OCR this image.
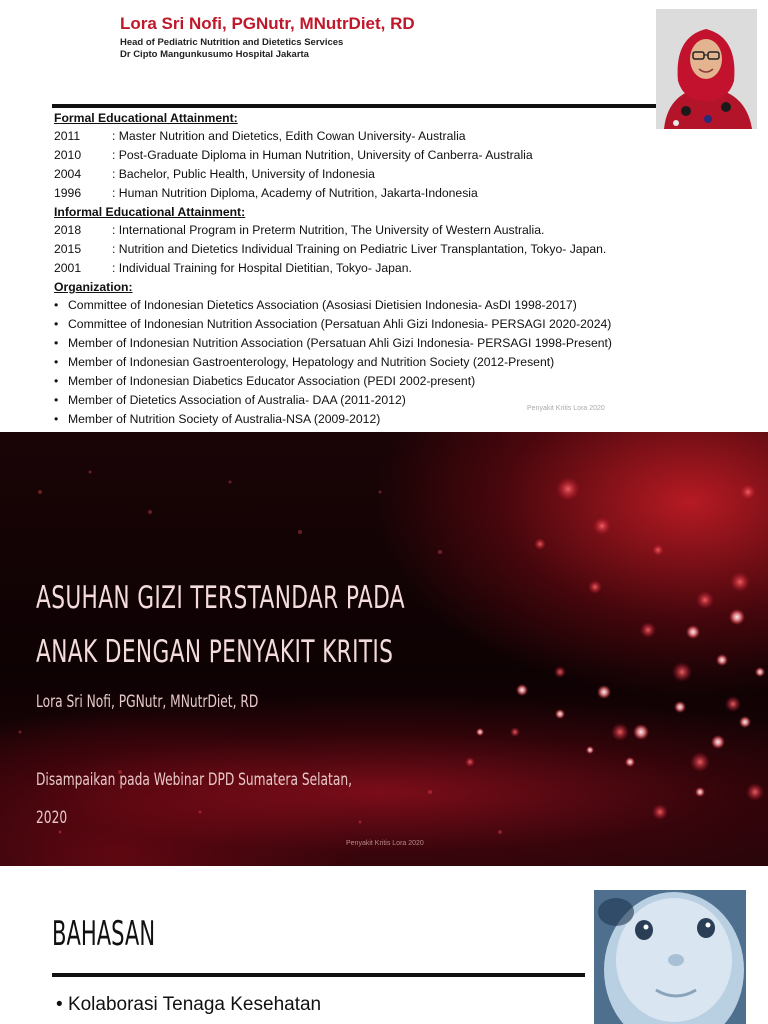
Lora Sri Nofi, PGNutr, MNutrDiet, RD
Head of Pediatric Nutrition and Dietetics Services
Dr Cipto Mangunkusumo Hospital Jakarta
Formal Educational Attainment:
2011	: Master Nutrition and Dietetics, Edith Cowan University- Australia
2010	: Post-Graduate Diploma in Human Nutrition, University of Canberra- Australia
2004	: Bachelor, Public Health, University of Indonesia
1996	: Human Nutrition Diploma, Academy of Nutrition, Jakarta-Indonesia
Informal Educational Attainment:
2018	: International Program in Preterm Nutrition, The University of Western Australia.
2015	: Nutrition and Dietetics Individual Training on Pediatric Liver Transplantation, Tokyo- Japan.
2001	: Individual Training for Hospital Dietitian, Tokyo- Japan.
Organization:
• Committee of Indonesian Dietetics Association (Asosiasi Dietisien Indonesia- AsDI 1998-2017)
• Committee of Indonesian Nutrition Association (Persatuan Ahli Gizi Indonesia- PERSAGI 2020-2024)
• Member of Indonesian Nutrition Association (Persatuan Ahli Gizi Indonesia- PERSAGI 1998-Present)
• Member of Indonesian Gastroenterology, Hepatology and Nutrition Society (2012-Present)
• Member of Indonesian Diabetics Educator Association (PEDI 2002-present)
• Member of Dietetics Association of Australia- DAA (2011-2012)
• Member of Nutrition Society of Australia-NSA (2009-2012)
Penyakit Kritis Lora 2020
ASUHAN GIZI TERSTANDAR PADA
ANAK DENGAN PENYAKIT KRITIS
Lora Sri Nofi, PGNutr, MNutrDiet, RD
Disampaikan pada Webinar DPD Sumatera Selatan,
2020
Penyakit Kritis Lora 2020
BAHASAN
• Kolaborasi Tenaga Kesehatan
